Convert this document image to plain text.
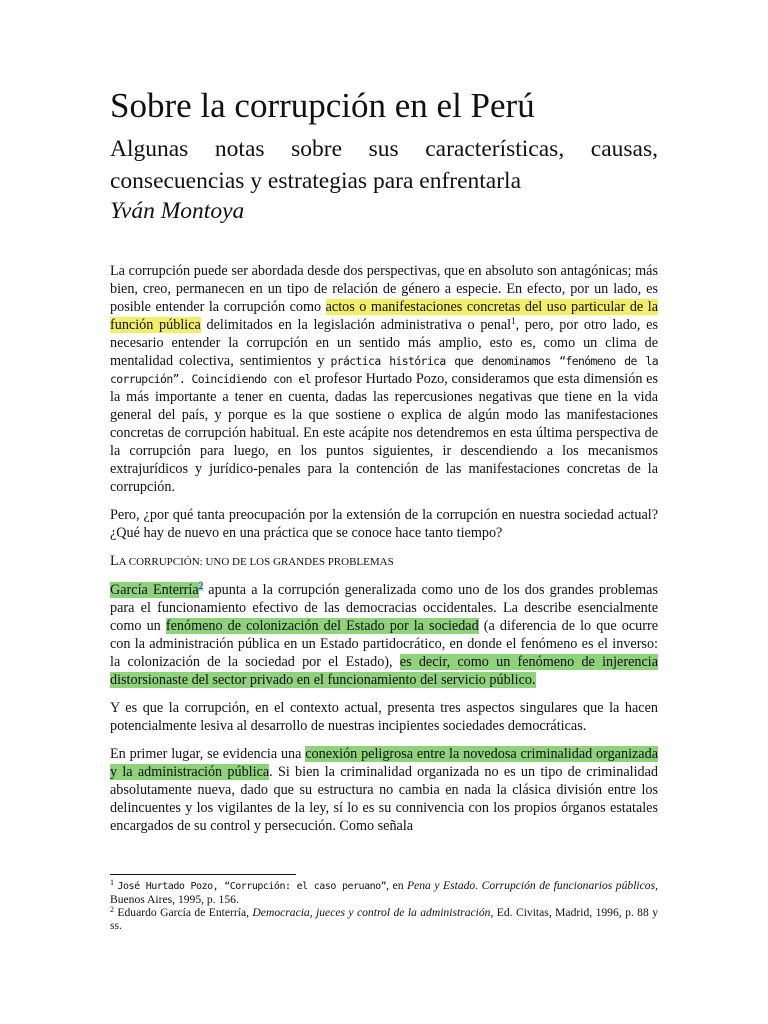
Sobre la corrupción en el Perú
Algunas notas sobre sus características, causas, consecuencias y estrategias para enfrentarla
Yván Montoya

La corrupción puede ser abordada desde dos perspectivas, que en absoluto son antagónicas; más bien, creo, permanecen en un tipo de relación de género a especie. En efecto, por un lado, es posible entender la corrupción como actos o manifestaciones concretas del uso particular de la función pública delimitados en la legislación administrativa o penal$^1$, pero, por otro lado, es necesario entender la corrupción en un sentido más amplio, esto es, como un clima de mentalidad colectiva, sentimientos y práctica histórica que denominamos “fenómeno de la corrupción”. Coincidiendo con el profesor Hurtado Pozo, consideramos que esta dimensión es la más importante a tener en cuenta, dadas las repercusiones negativas que tiene en la vida general del país, y porque es la que sostiene o explica de algún modo las manifestaciones concretas de corrupción habitual. En este acápite nos detendremos en esta última perspectiva de la corrupción para luego, en los puntos siguientes, ir descendiendo a los mecanismos extrajurídicos y jurídico-penales para la contención de las manifestaciones concretas de la corrupción.

Pero, ¿por qué tanta preocupación por la extensión de la corrupción en nuestra sociedad actual? ¿Qué hay de nuevo en una práctica que se conoce hace tanto tiempo?

LA CORRUPCIÓN: UNO DE LOS GRANDES PROBLEMAS

García Enterría$^2$ apunta a la corrupción generalizada como uno de los dos grandes problemas para el funcionamiento efectivo de las democracias occidentales. La describe esencialmente como un fenómeno de colonización del Estado por la sociedad (a diferencia de lo que ocurre con la administración pública en un Estado partidocrático, en donde el fenómeno es el inverso: la colonización de la sociedad por el Estado), es decir, como un fenómeno de injerencia distorsionaste del sector privado en el funcionamiento del servicio público.

Y es que la corrupción, en el contexto actual, presenta tres aspectos singulares que la hacen potencialmente lesiva al desarrollo de nuestras incipientes sociedades democráticas.

En primer lugar, se evidencia una conexión peligrosa entre la novedosa criminalidad organizada y la administración pública. Si bien la criminalidad organizada no es un tipo de criminalidad absolutamente nueva, dado que su estructura no cambia en nada la clásica división entre los delincuentes y los vigilantes de la ley, sí lo es su connivencia con los propios órganos estatales encargados de su control y persecución. Como señala

$^1$ José Hurtado Pozo, “Corrupción: el caso peruano”, en Pena y Estado. Corrupción de funcionarios públicos, Buenos Aires, 1995, p. 156.

$^2$ Eduardo García de Enterría, Democracia, jueces y control de la administración, Ed. Civitas, Madrid, 1996, p. 88 y ss.
